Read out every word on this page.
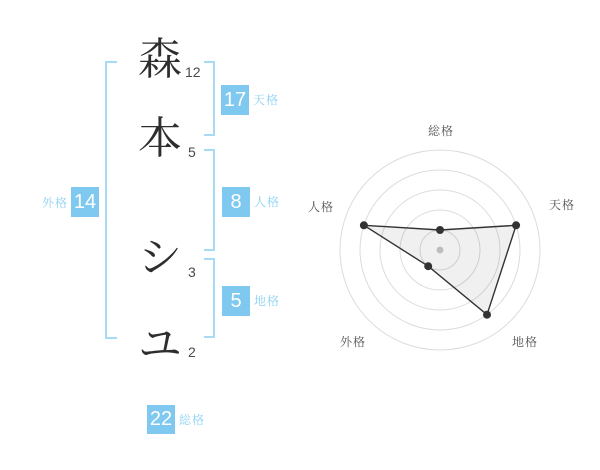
森 12
本 5
シ 3
ユ 2
17 天格
8	人格
5	地格
外格 14
22 総格
総格
天格
地格
外格
人格
